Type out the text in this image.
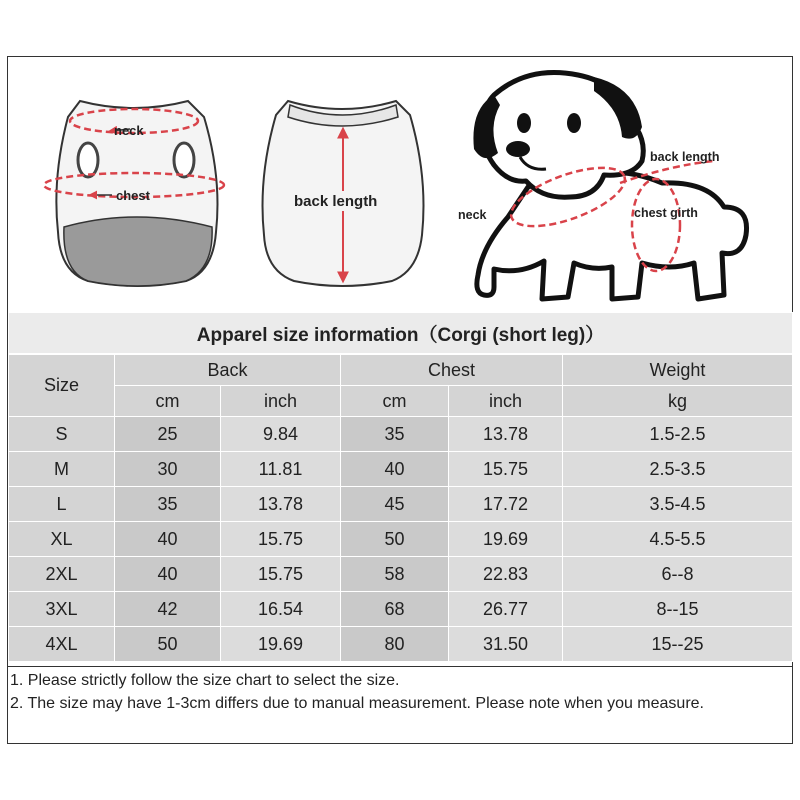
neck
chest	back length
back length
neck	chest girth
Apparel size information（Corgi (short leg)）					
Size	Back		Chest		Weight
	cm	inch	cm	inch	kg
S	25	9.84	35	13.78	1.5-2.5
M	30	11.81	40	15.75	2.5-3.5
L	35	13.78	45	17.72	3.5-4.5
XL	40	15.75	50	19.69	4.5-5.5
2XL	40	15.75	58	22.83	6--8
3XL	42	16.54	68	26.77	8--15
4XL	50	19.69	80	31.50	15--25
1. Please strictly follow the size chart to select the size.
2. The size may have 1-3cm differs due to manual measurement. Please note when you measure.
